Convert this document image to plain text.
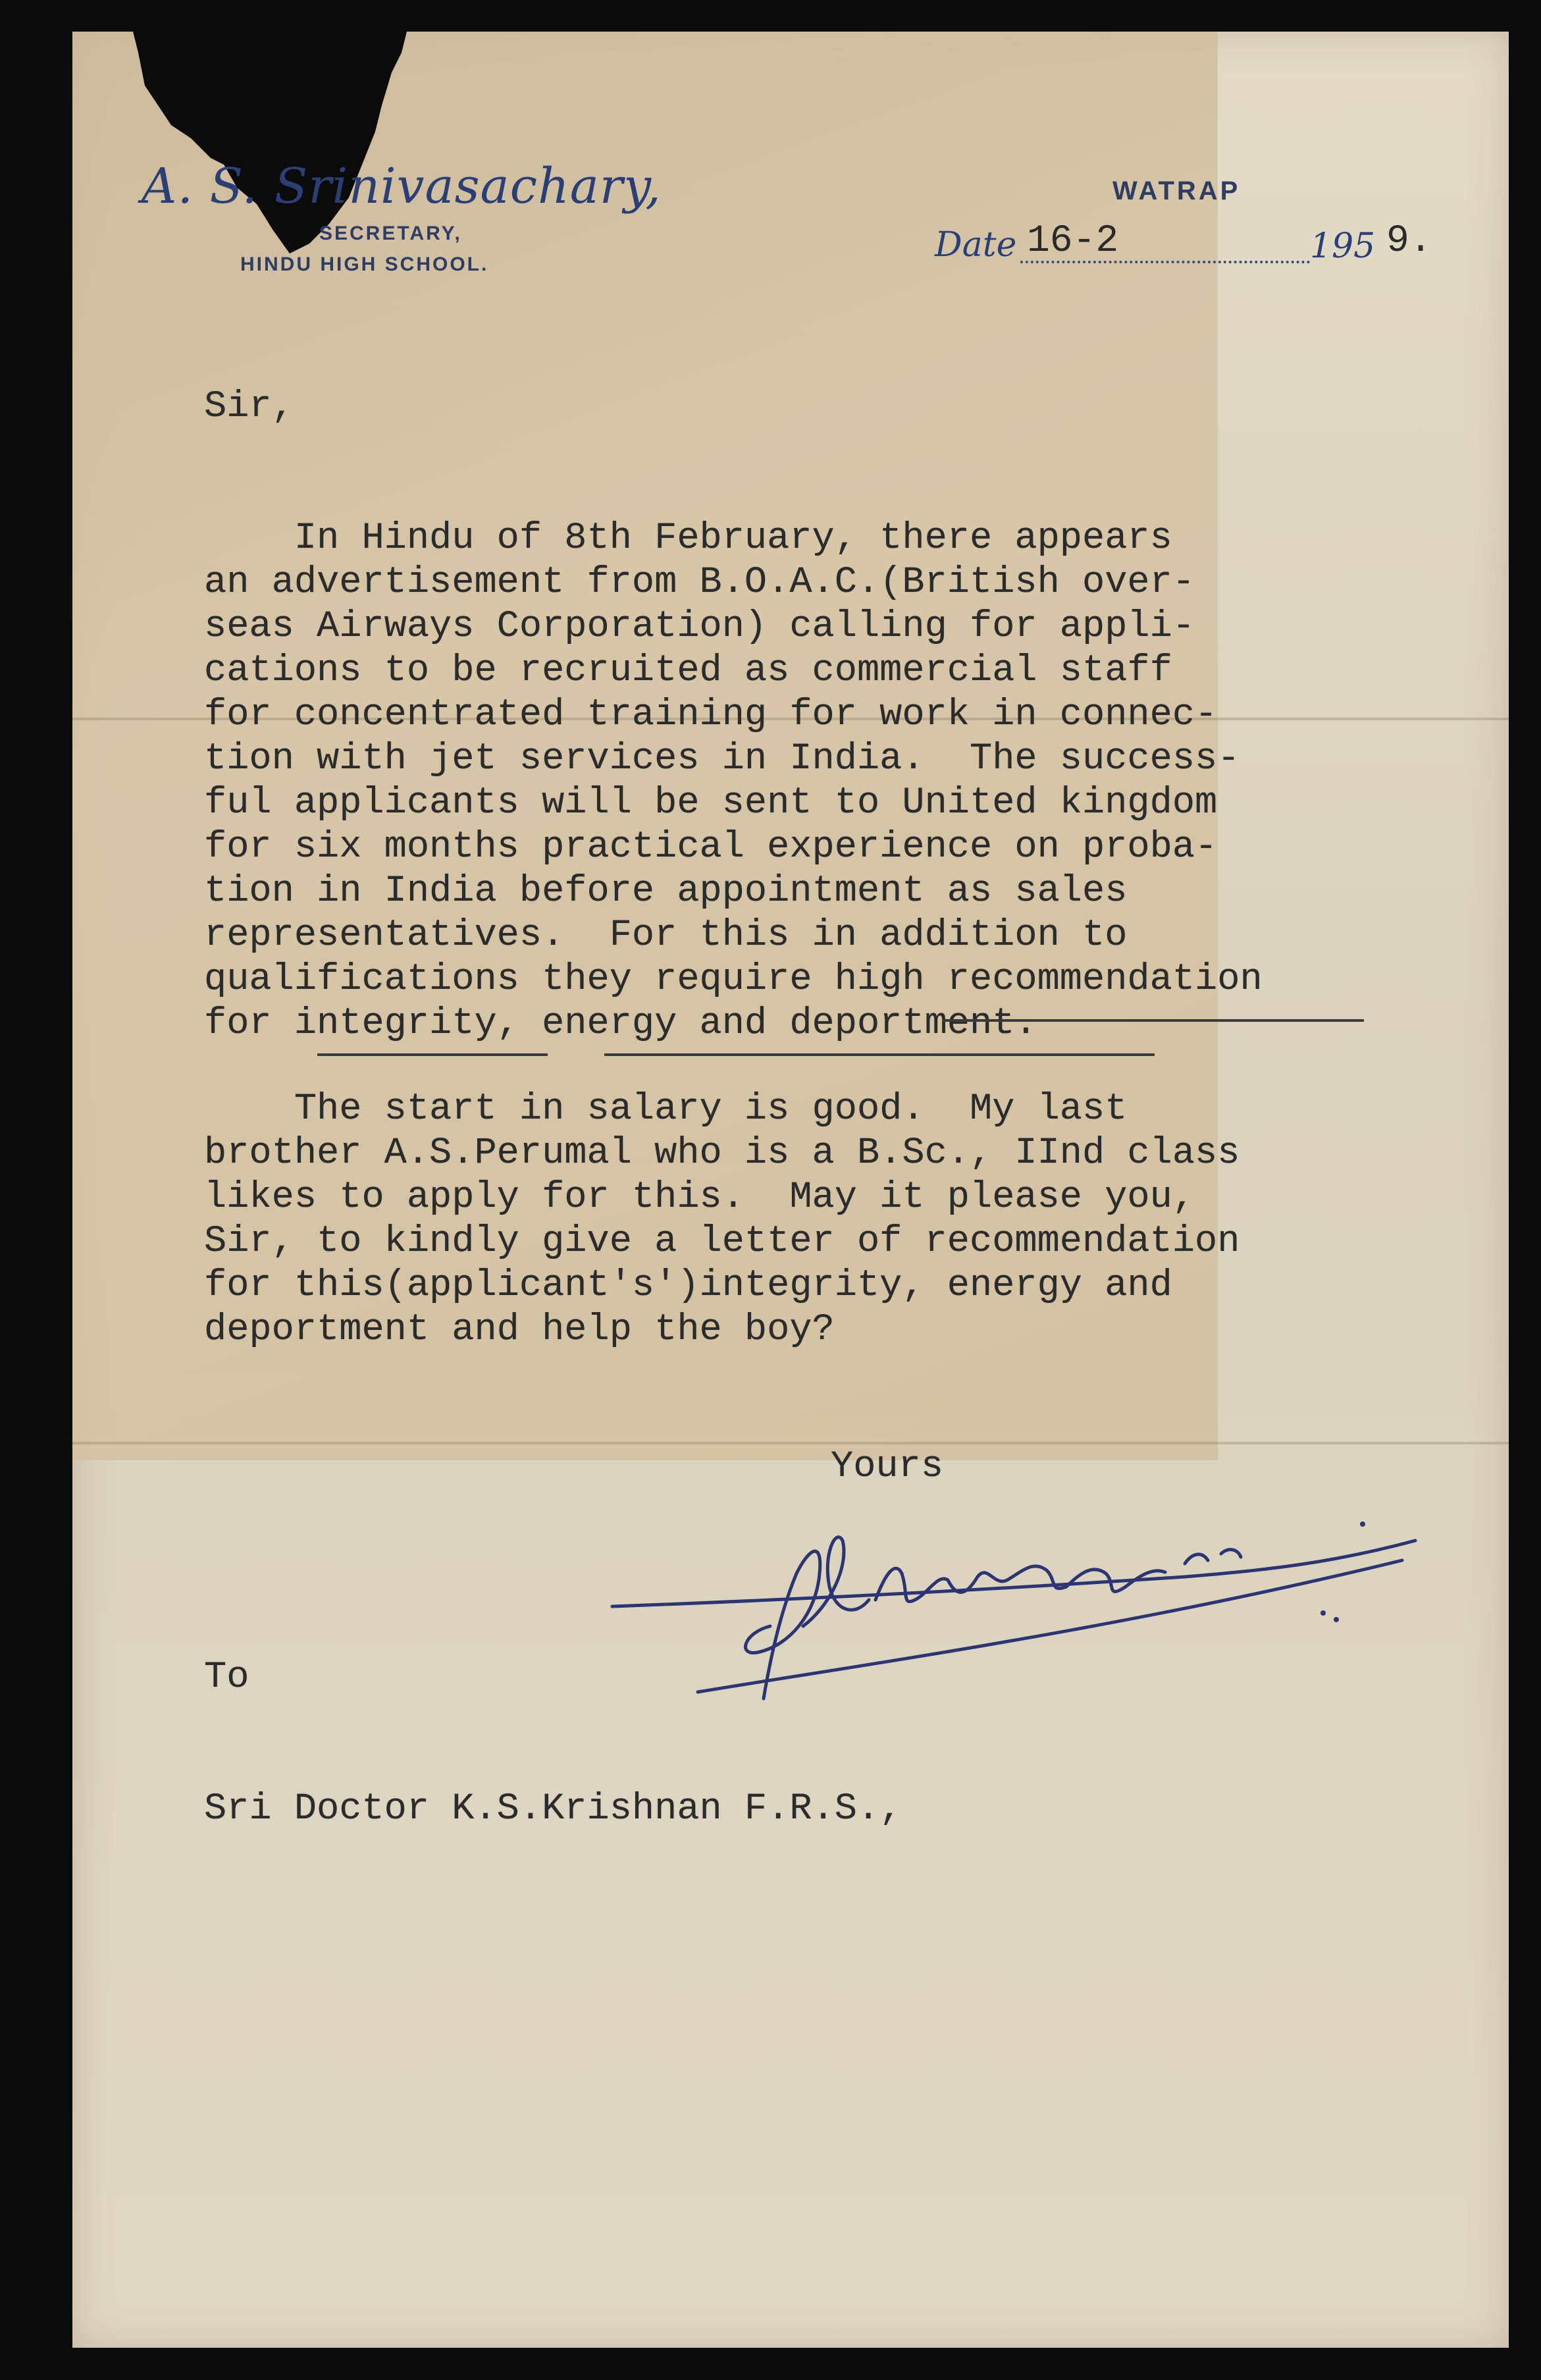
A. S. Srinivasachary,
SECRETARY,
HINDU HIGH SCHOOL.
WATRAP
Date 16-2	195 9.
Sir,
In Hindu of 8th February, there appears
an advertisement from B.O.A.C.(British over-
seas Airways Corporation) calling for appli-
cations to be recruited as commercial staff
for concentrated training for work in connec-
tion with jet services in India.  The success-
ful applicants will be sent to United kingdom
for six months practical experience on proba-
tion in India before appointment as sales
representatives.  For this in addition to
qualifications they require high recommendation
for integrity, energy and deportment.
The start in salary is good.  My last
brother A.S.Perumal who is a B.Sc., IInd class
likes to apply for this.  May it please you,
Sir, to kindly give a letter of recommendation
for this(applicant's')integrity, energy and
deportment and help the boy?
Yours
To
Sri Doctor K.S.Krishnan F.R.S.,
